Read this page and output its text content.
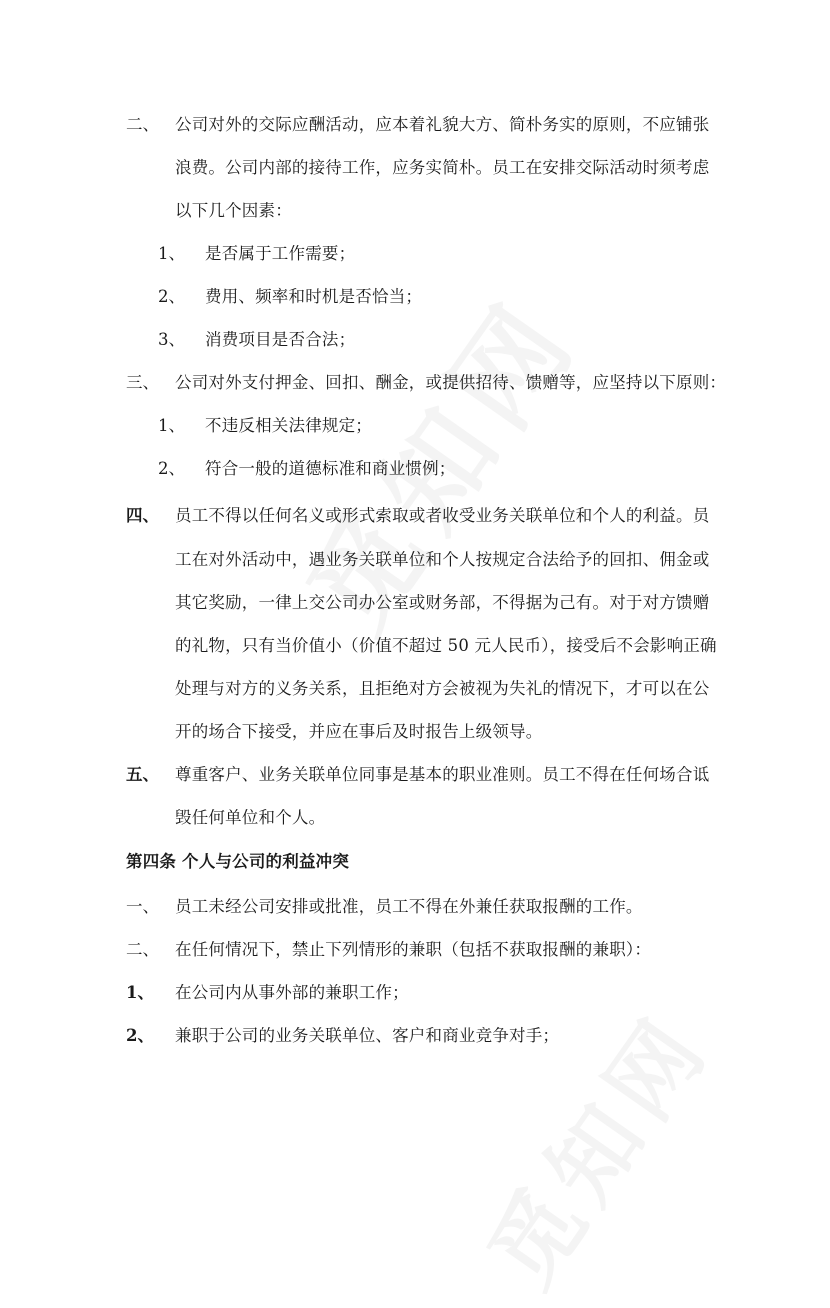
二、 公司对外的交际应酬活动，应本着礼貌大方、简朴务实的原则，不应铺张
浪费。公司内部的接待工作，应务实简朴。员工在安排交际活动时须考虑
以下几个因素：
1、 是否属于工作需要；
2、 费用、频率和时机是否恰当；
3、 消费项目是否合法；
三、 公司对外支付押金、回扣、酬金，或提供招待、馈赠等，应坚持以下原则：
1、 不违反相关法律规定；
2、 符合一般的道德标准和商业惯例；
四、 员工不得以任何名义或形式索取或者收受业务关联单位和个人的利益。员
工在对外活动中，遇业务关联单位和个人按规定合法给予的回扣、佣金或
其它奖励，一律上交公司办公室或财务部，不得据为己有。对于对方馈赠
的礼物，只有当价值小（价值不超过 50 元人民币），接受后不会影响正确
处理与对方的义务关系，且拒绝对方会被视为失礼的情况下，才可以在公
开的场合下接受，并应在事后及时报告上级领导。
五、 尊重客户、业务关联单位同事是基本的职业准则。员工不得在任何场合诋
毁任何单位和个人。
第四条 个人与公司的利益冲突
一、 员工未经公司安排或批准，员工不得在外兼任获取报酬的工作。
二、 在任何情况下，禁止下列情形的兼职（包括不获取报酬的兼职）：
1、 在公司内从事外部的兼职工作；
2、 兼职于公司的业务关联单位、客户和商业竞争对手；
